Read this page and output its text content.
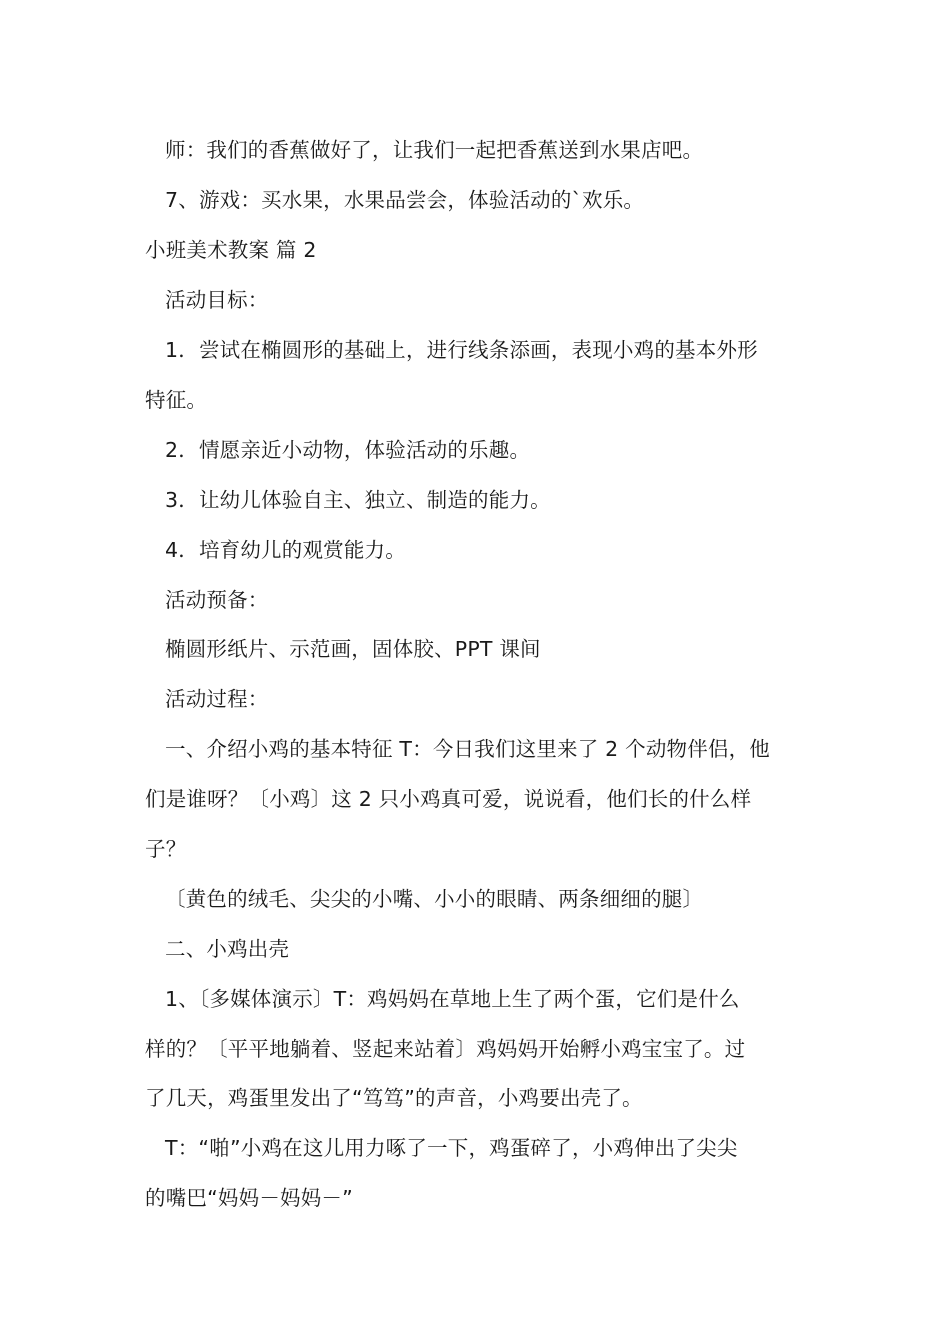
师：我们的香蕉做好了，让我们一起把香蕉送到水果店吧。
7、游戏：买水果，水果品尝会，体验活动的`欢乐。
小班美术教案 篇 2
活动目标：
1．尝试在椭圆形的基础上，进行线条添画，表现小鸡的基本外形
特征。
2．情愿亲近小动物，体验活动的乐趣。
3．让幼儿体验自主、独立、制造的能力。
4．培育幼儿的观赏能力。
活动预备：
椭圆形纸片、示范画，固体胶、PPT 课间
活动过程：
一、介绍小鸡的基本特征 T：今日我们这里来了 2 个动物伴侣，他
们是谁呀？〔小鸡〕这 2 只小鸡真可爱，说说看，他们长的什么样
子？
〔黄色的绒毛、尖尖的小嘴、小小的眼睛、两条细细的腿〕
二、小鸡出壳
1、〔多媒体演示〕T：鸡妈妈在草地上生了两个蛋，它们是什么
样的？〔平平地躺着、竖起来站着〕鸡妈妈开始孵小鸡宝宝了。过
了几天，鸡蛋里发出了“笃笃”的声音，小鸡要出壳了。
T：“啪”小鸡在这儿用力啄了一下，鸡蛋碎了，小鸡伸出了尖尖
的嘴巴“妈妈－妈妈－”
